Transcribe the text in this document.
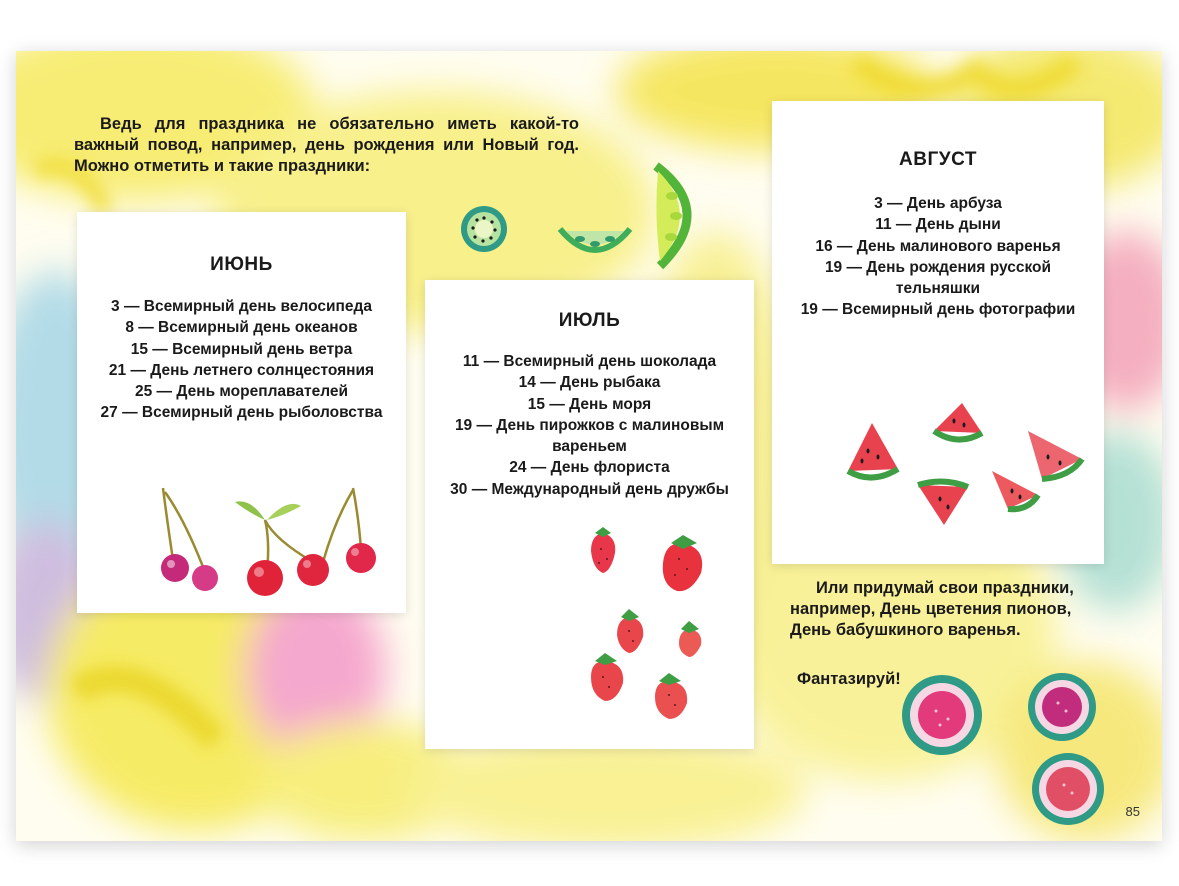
Ведь для праздника не обязательно иметь какой-то важный повод, например, день рождения или Новый год. Можно отметить и такие праздники:
ИЮНЬ
3 — Всемирный день велосипеда
8 — Всемирный день океанов
15 — Всемирный день ветра
21 — День летнего солнцестояния
25 — День мореплавателей
27 — Всемирный день рыболовства
ИЮЛЬ
11 — Всемирный день шоколада
14 — День рыбака
15 — День моря
19 — День пирожков с малиновым
вареньем
24 — День флориста
30 — Международный день дружбы
АВГУСТ
3 — День арбуза
11 — День дыни
16 — День малинового варенья
19 — День рождения русской
тельняшки
19 — Всемирный день фотографии
Или придумай свои праздники, например, День цветения пионов, День бабушкиного варенья.
Фантазируй!
85
